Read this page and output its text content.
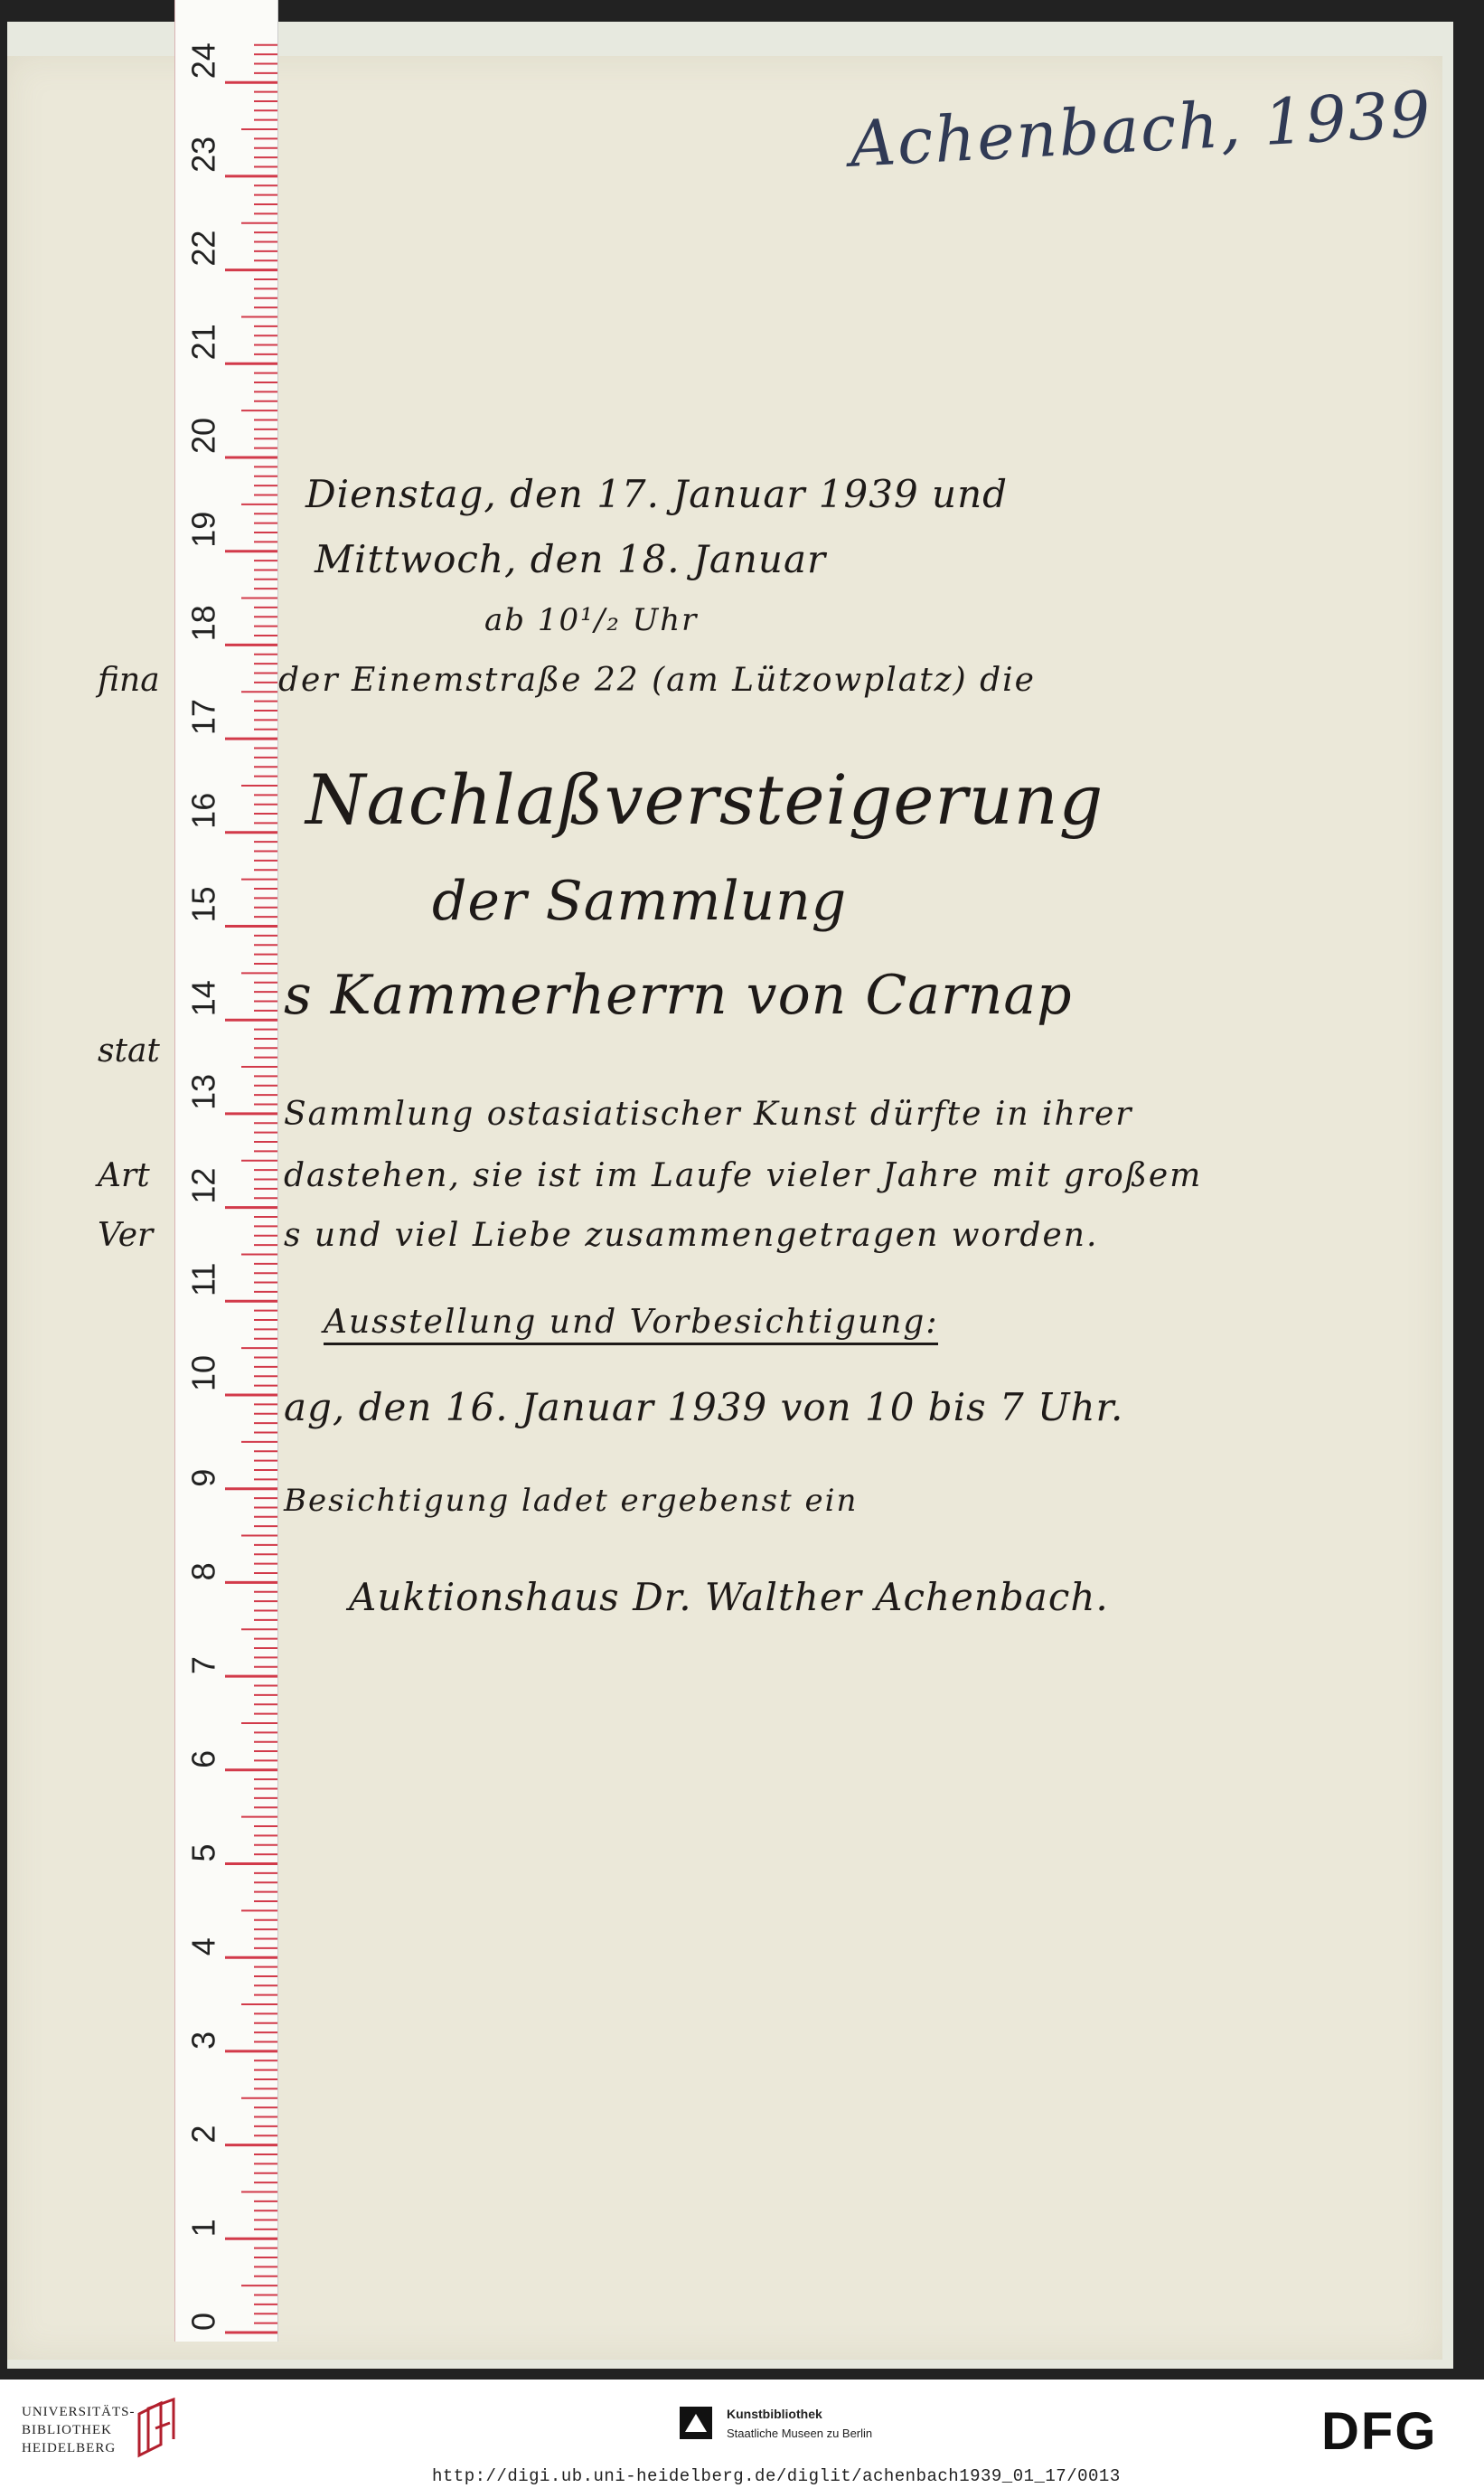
Achenbach, 1939
Dienstag, den 17. Januar 1939 und
Mittwoch, den 18. Januar
ab 10¹/₂ Uhr
fina	der Einemstraße 22 (am Lützowplatz) die
Nachlaßversteigerung
der Sammlung
s Kammerherrn von Carnap
stat
Sammlung ostasiatischer Kunst dürfte in ihrer
Art	dastehen, sie ist im Laufe vieler Jahre mit großem
Ver	s und viel Liebe zusammengetragen worden.
Ausstellung und Vorbesichtigung:
ag, den 16. Januar 1939 von 10 bis 7 Uhr.
Besichtigung ladet ergebenst ein
Auktionshaus Dr. Walther Achenbach.
0
1
2
3
4
5
6
7
8
9
10
11
12
13
14
15
16
17
18
19
20
21
22
23
24
UNIVERSITÄTS-
BIBLIOTHEK
HEIDELBERG
Kunstbibliothek
Staatliche Museen zu Berlin	DFG
http://digi.ub.uni-heidelberg.de/diglit/achenbach1939_01_17/0013
